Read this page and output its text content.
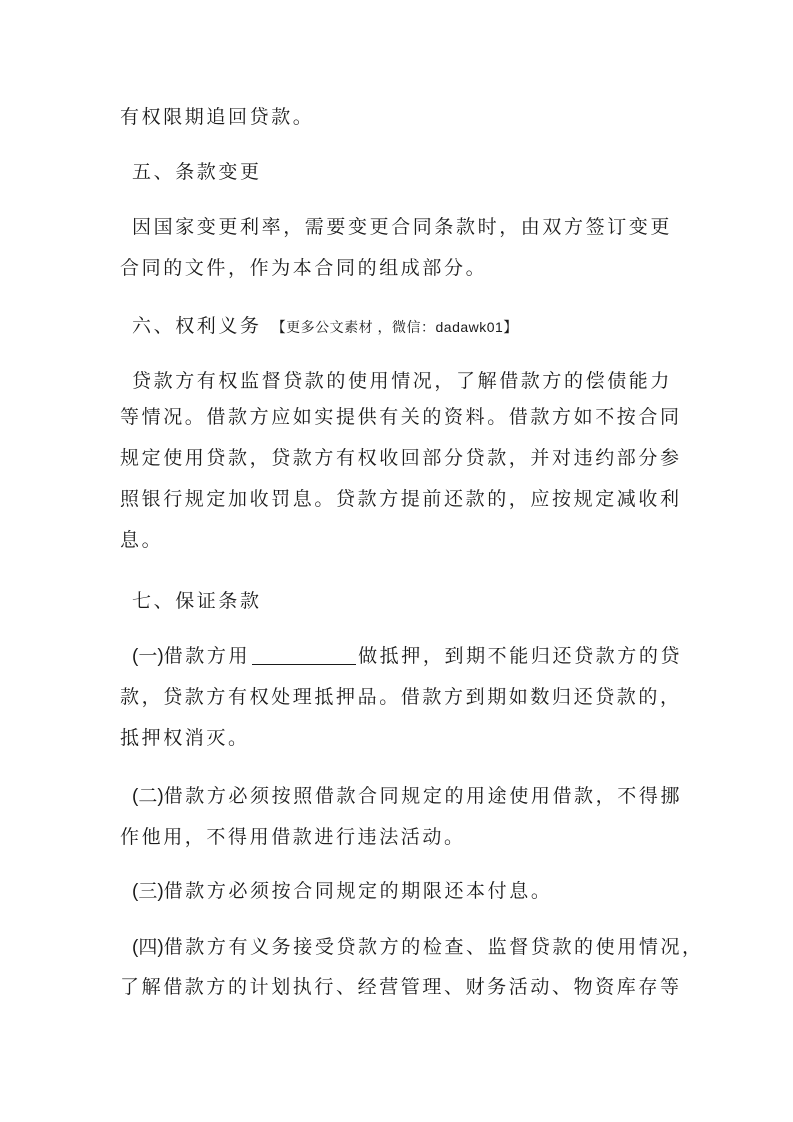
有权限期追回贷款。
五、条款变更
因国家变更利率，需要变更合同条款时，由双方签订变更
合同的文件，作为本合同的组成部分。
六、权利义务 【更多公文素材 ，微信：dadawk01】
贷款方有权监督贷款的使用情况，了解借款方的偿债能力
等情况。借款方应如实提供有关的资料。借款方如不按合同
规定使用贷款，贷款方有权收回部分贷款，并对违约部分参
照银行规定加收罚息。贷款方提前还款的，应按规定减收利
息。
七、保证条款
(一)借款方用	做抵押，到期不能归还贷款方的贷
款，贷款方有权处理抵押品。借款方到期如数归还贷款的，
抵押权消灭。
(二)借款方必须按照借款合同规定的用途使用借款，不得挪
作他用，不得用借款进行违法活动。
(三)借款方必须按合同规定的期限还本付息。
(四)借款方有义务接受贷款方的检查、监督贷款的使用情况，
了解借款方的计划执行、经营管理、财务活动、物资库存等
